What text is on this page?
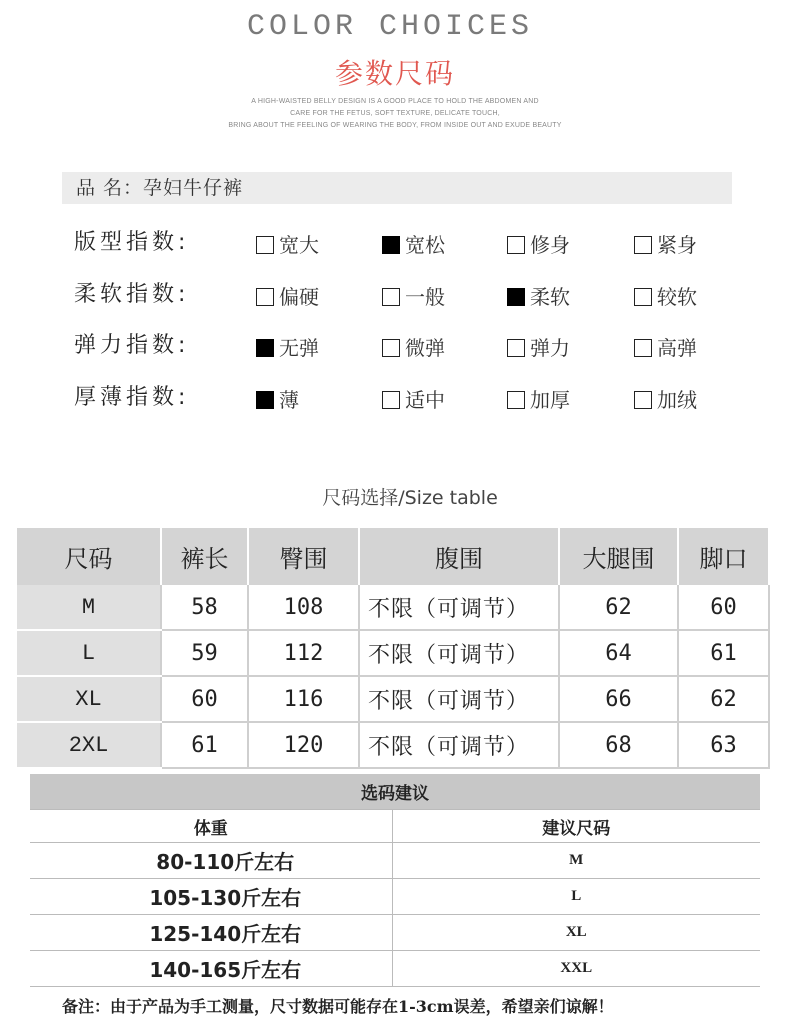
COLOR CHOICES
参数尺码
A HIGH-WAISTED BELLY DESIGN IS A GOOD PLACE TO HOLD THE ABDOMEN AND
CARE FOR THE FETUS, SOFT TEXTURE, DELICATE TOUCH,
BRING ABOUT THE FEELING OF WEARING THE BODY, FROM INSIDE OUT AND EXUDE BEAUTY
品 名：孕妇牛仔裤
版型指数:	宽大	宽松	修身	紧身
柔软指数:	偏硬	一般	柔软	较软
弹力指数:	无弹	微弹	弹力	高弹
厚薄指数:	薄	适中	加厚	加绒
尺码选择/Size table
尺码	裤长	臀围	腹围	大腿围	脚口
M	58	108	不限（可调节）	62	60
L	59	112	不限（可调节）	64	61
XL	60	116	不限（可调节）	66	62
2XL	61	120	不限（可调节）	68	63
选码建议	
体重	建议尺码
80-110斤左右	M
105-130斤左右	L
125-140斤左右	XL
140-165斤左右	XXL
备注：由于产品为手工测量，尺寸数据可能存在1-3cm误差，希望亲们谅解！
